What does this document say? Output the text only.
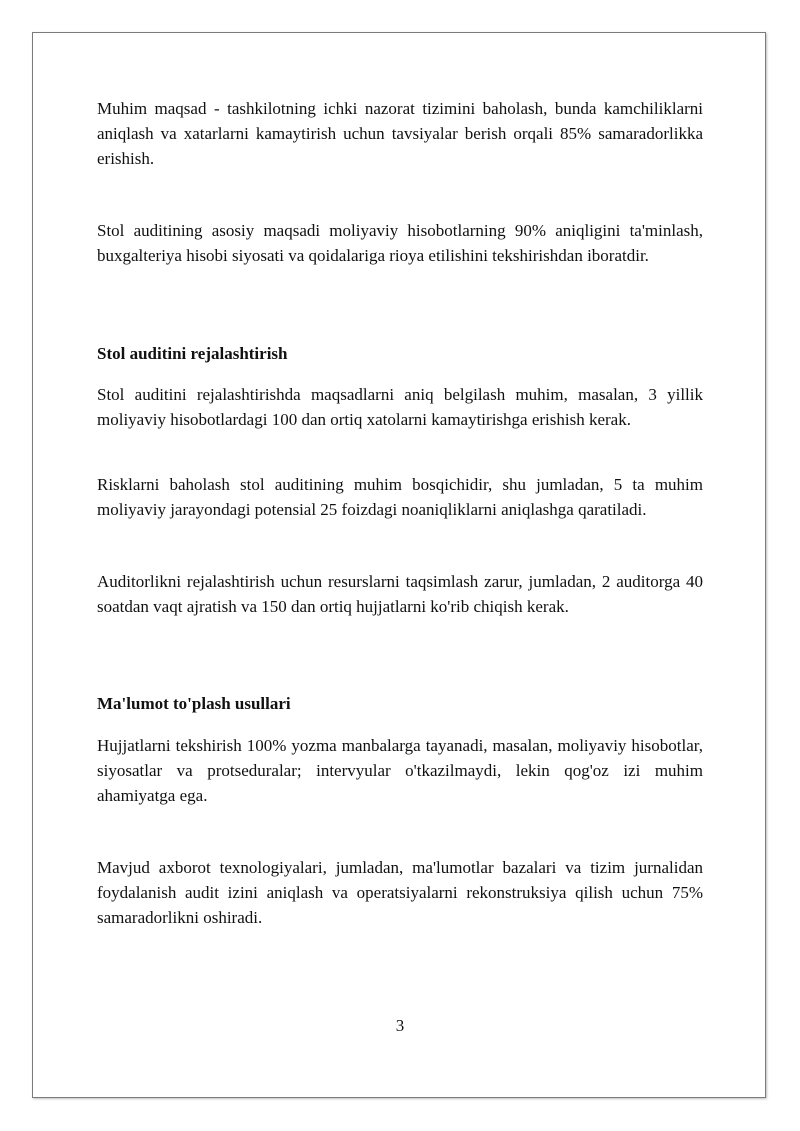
Muhim maqsad - tashkilotning ichki nazorat tizimini baholash, bunda kamchiliklarni aniqlash va xatarlarni kamaytirish uchun tavsiyalar berish orqali 85% samaradorlikka erishish.

Stol auditining asosiy maqsadi moliyaviy hisobotlarning 90% aniqligini ta'minlash, buxgalteriya hisobi siyosati va qoidalariga rioya etilishini tekshirishdan iboratdir.

Stol auditini rejalashtirish

Stol auditini rejalashtirishda maqsadlarni aniq belgilash muhim, masalan, 3 yillik moliyaviy hisobotlardagi 100 dan ortiq xatolarni kamaytirishga erishish kerak.

Risklarni baholash stol auditining muhim bosqichidir, shu jumladan, 5 ta muhim moliyaviy jarayondagi potensial 25 foizdagi noaniqliklarni aniqlashga qaratiladi.

Auditorlikni rejalashtirish uchun resurslarni taqsimlash zarur, jumladan, 2 auditorga 40 soatdan vaqt ajratish va 150 dan ortiq hujjatlarni ko'rib chiqish kerak.

Ma'lumot to'plash usullari

Hujjatlarni tekshirish 100% yozma manbalarga tayanadi, masalan, moliyaviy hisobotlar, siyosatlar va protseduralar; intervyular o'tkazilmaydi, lekin qog'oz izi muhim ahamiyatga ega.

Mavjud axborot texnologiyalari, jumladan, ma'lumotlar bazalari va tizim jurnalidan foydalanish audit izini aniqlash va operatsiyalarni rekonstruksiya qilish uchun 75% samaradorlikni oshiradi.

3
